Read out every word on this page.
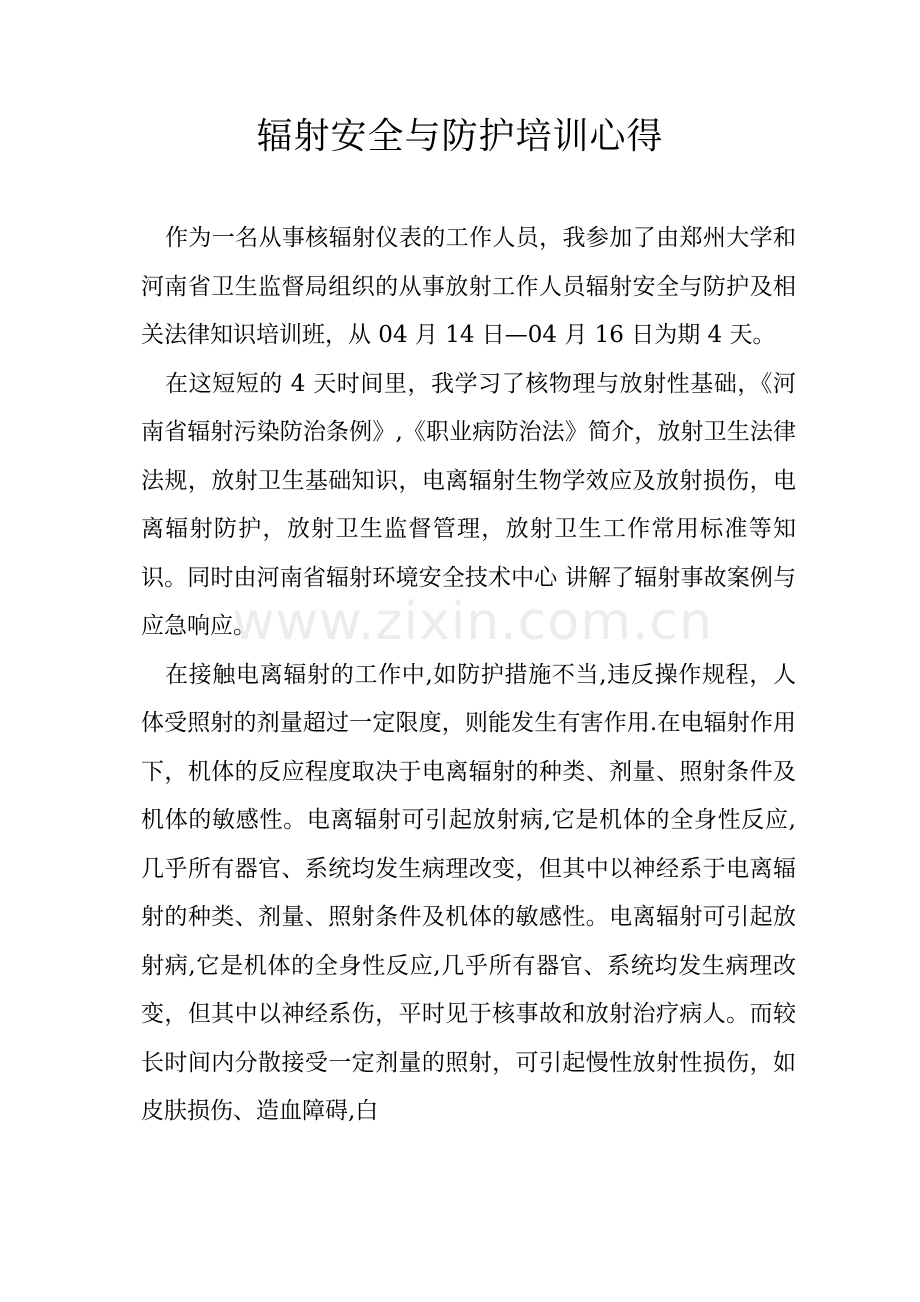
辐射安全与防护培训心得

作为一名从事核辐射仪表的工作人员，我参加了由郑州大学和河南省卫生监督局组织的从事放射工作人员辐射安全与防护及相关法律知识培训班，从 04 月 14 日—04 月 16 日为期 4 天。

在这短短的 4 天时间里，我学习了核物理与放射性基础，《河南省辐射污染防治条例》,《职业病防治法》简介，放射卫生法律法规，放射卫生基础知识，电离辐射生物学效应及放射损伤，电离辐射防护，放射卫生监督管理，放射卫生工作常用标准等知识。同时由河南省辐射环境安全技术中心 讲解了辐射事故案例与应急响应。

在接触电离辐射的工作中,如防护措施不当,违反操作规程，人体受照射的剂量超过一定限度，则能发生有害作用.在电辐射作用下，机体的反应程度取决于电离辐射的种类、剂量、照射条件及机体的敏感性。电离辐射可引起放射病,它是机体的全身性反应,几乎所有器官、系统均发生病理改变，但其中以神经系于电离辐射的种类、剂量、照射条件及机体的敏感性。电离辐射可引起放射病,它是机体的全身性反应,几乎所有器官、系统均发生病理改变，但其中以神经系伤，平时见于核事故和放射治疗病人。而较长时间内分散接受一定剂量的照射，可引起慢性放射性损伤，如皮肤损伤、造血障碍,白

www.zixin.com.cn
